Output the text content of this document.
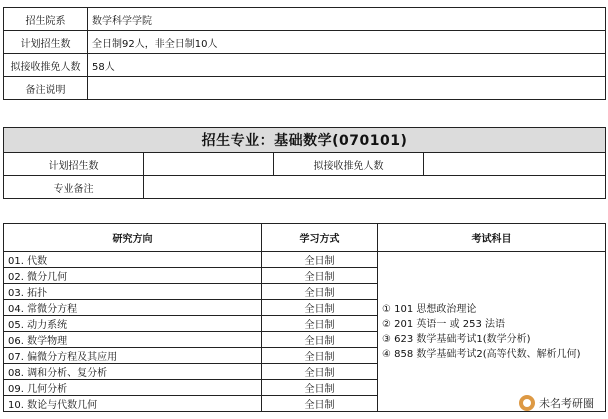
招生院系	数学科学学院
计划招生数	全日制92人，非全日制10人
拟接收推免人数	58人
备注说明	
招生专业：基础数学(070101)			
计划招生数		拟接收推免人数	
专业备注			
研究方向	学习方式	考试科目
01. 代数	全日制	① 101 思想政治理论
② 201 英语一 或 253 法语
③ 623 数学基础考试1(数学分析)
④ 858 数学基础考试2(高等代数、解析几何)

02. 微分几何	全日制	
03. 拓扑	全日制	
04. 常微分方程	全日制	
05. 动力系统	全日制	
06. 数学物理	全日制	
07. 偏微分方程及其应用	全日制	
08. 调和分析、复分析	全日制	
09. 几何分析	全日制	
10. 数论与代数几何	全日制		未名考研圈
